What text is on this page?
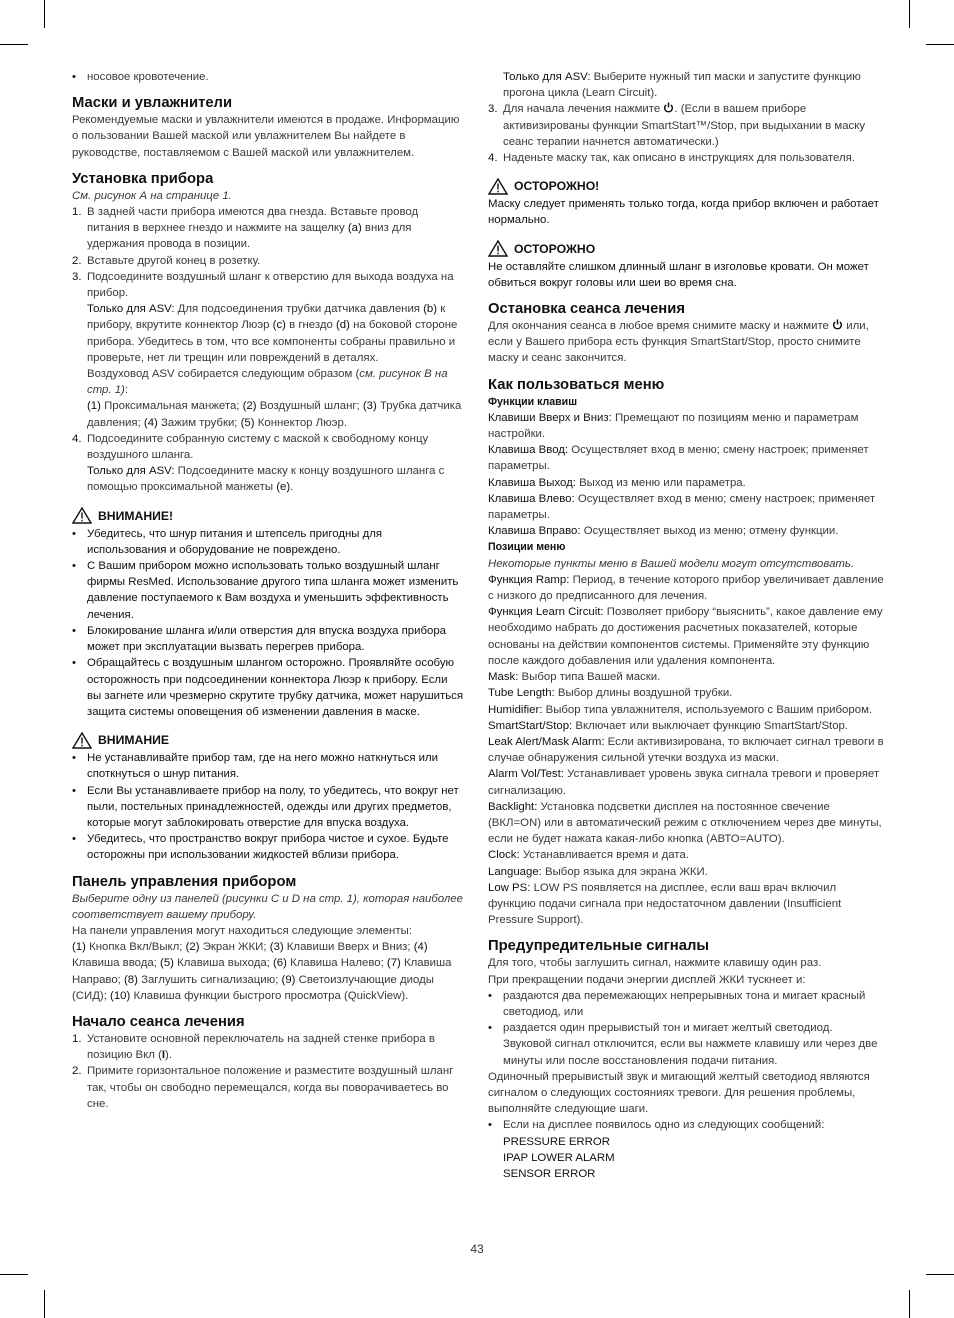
• носовое кровотечение.
Маски и увлажнители

Рекомендуемые маски и увлажнители имеются в продаже. Информацию о пользовании Вашей маской или увлажнителем Вы найдете в руководстве, поставляемом с Вашей маской или увлажнителем.

Установка прибора

См. рисунок А на странице 1.

1. В задней части прибора имеются два гнезда. Вставьте провод питания в верхнее гнездо и нажмите на защелку (a) вниз для удержания провода в позиции.
2. Вставьте другой конец в розетку.
3. Подсоедините воздушный шланг к отверстию для выхода воздуха на прибор.
Только для ASV: Для подсоединения трубки датчика давления (b) к прибору, вкрутите коннектор Люэр (c) в гнездо (d) на боковой стороне прибора. Убедитесь в том, что все компоненты собраны правильно и проверьте, нет ли трещин или повреждений в деталях.
Воздуховод ASV собирается следующим образом (см. рисунок B на стр. 1):
(1) Проксимальная манжета; (2) Воздушный шланг; (3) Трубка датчика давления; (4) Зажим трубки; (5) Коннектор Люэр.
4. Подсоедините собранную систему с маской к свободному концу воздушного шланга.
Только для ASV: Подсоедините маску к концу воздушного шланга с помощью проксимальной манжеты (e).
ВНИМАНИЕ!
• Убедитесь, что шнур питания и штепсель пригодны для использования и оборудование не повреждено.
• С Вашим прибором можно использовать только воздушный шланг фирмы ResMed. Использование другого типа шланга может изменить давление поступаемого к Вам воздуха и уменьшить эффективность лечения.
• Блокирование шланга и/или отверстия для впуска воздуха прибора может при эксплуатации вызвать перегрев прибора.
• Обращайтесь с воздушным шлангом осторожно. Проявляйте особую осторожность при подсоединении коннектора Люэр к прибору. Если вы загнете или чрезмерно скрутите трубку датчика, может нарушиться защита системы оповещения об изменении давления в маске.
ВНИМАНИЕ
• Не устанавливайте прибор там, где на него можно наткнуться или споткнуться о шнур питания.
• Если Вы устанавливаете прибор на полу, то убедитесь, что вокруг нет пыли, постельных принадлежностей, одежды или других предметов, которые могут заблокировать отверстие для впуска воздуха.
• Убедитесь, что пространство вокруг прибора чистое и сухое. Будьте осторожны при использовании жидкостей вблизи прибора.
Панель управления прибором

Выберите одну из панелей (рисунки C и D на стр. 1), которая наиболее соответствует вашему прибору.

На панели управления могут находиться следующие элементы:

(1) Кнопка Вкл/Выкл; (2) Экран ЖКИ; (3) Клавиши Вверх и Вниз; (4) Клавиша ввода; (5) Клавиша выхода; (6) Клавиша Налево; (7) Клавиша Направо; (8) Заглушить сигнализацию; (9) Светоизлучающие диоды (СИД); (10) Клавиша функции быстрого просмотра (QuickView).

Начало сеанса лечения
1. Установите основной переключатель на задней стенке прибора в позицию Вкл (I).
2. Примите горизонтальное положение и разместите воздушный шланг так, чтобы он свободно перемещался, когда вы поворачиваетесь во сне.

Только для ASV: Выберите нужный тип маски и запустите функцию прогона цикла (Learn Circuit).

3. Для начала лечения нажмите . (Если в вашем приборе активизированы функции SmartStart™/Stop, при выдыхании в маску сеанс терапии начнется автоматически.)
4. Наденьте маску так, как описано в инструкциях для пользователя.
ОСТОРОЖНО!

Маску следует применять только тогда, когда прибор включен и работает нормально.

ОСТОРОЖНО

Не оставляйте слишком длинный шланг в изголовье кровати. Он может обвиться вокруг головы или шеи во время сна.

Остановка сеанса лечения

Для окончания сеанса в любое время снимите маску и нажмите  или, если у Вашего прибора есть функция SmartStart/Stop, просто снимите маску и сеанс закончится.

Как пользоваться меню

Функции клавиш

Клавиши Вверх и Вниз: Премещают по позициям меню и параметрам настройки.

Клавиша Ввод: Осуществляет вход в меню; смену настроек; применяет параметры.

Клавиша Выход: Выход из меню или параметра.

Клавиша Влево: Осуществляет вход в меню; смену настроек; применяет параметры.

Клавиша Вправо: Осуществляет выход из меню; отмену функции.

Позиции меню

Некоторые пункты меню в Вашей модели могут отсутствовать.

Функция Ramp: Период, в течение которого прибор увеличивает давление с низкого до предписанного для лечения.

Функция Learn Circuit: Позволяет прибору “выяснить”, какое давление ему необходимо набрать до достижения расчетных показателей, которые основаны на действии компонентов системы. Применяйте эту функцию после каждого добавления или удаления компонента.

Mask: Выбор типа Вашей маски.

Tube Length: Выбор длины воздушной трубки.

Humidifier: Выбор типа увлажнителя, используемого с Вашим прибором.

SmartStart/Stop: Включает или выключает функцию SmartStart/Stop.

Leak Alert/Mask Alarm: Если активизирована, то включает сигнал тревоги в случае обнаружения сильной утечки воздуха из маски.

Alarm Vol/Test: Устанавливает уровень звука сигнала тревоги и проверяет сигнализацию.

Backlight: Установка подсветки дисплея на постоянное свечение (ВКЛ=ON) или в автоматический режим с отключением через две минуты, если не будет нажата какая-либо кнопка (АВТО=AUTO).

Clock: Устанавливается время и дата.

Language: Выбор языка для экрана ЖКИ.

Low PS: LOW PS появляется на дисплее, если ваш врач включил функцию подачи сигнала при недостаточном давлении (Insufficient Pressure Support).

Предупредительные сигналы

Для того, чтобы заглушить сигнал, нажмите клавишу один раз.

При прекращении подачи энергии дисплей ЖКИ тускнеет и:

• раздаются два перемежающих непрерывных тона и мигает красный светодиод, или
• раздается один прерывистый тон и мигает желтый светодиод. Звуковой сигнал отключится, если вы нажмете клавишу или через две минуты или после восстановления подачи питания.

Одиночный прерывистый звук и мигающий желтый светодиод являются сигналом о следующих состояниях тревоги. Для решения проблемы, выполняйте следующие шаги.

• Если на дисплее появилось одно из следующих сообщений:
PRESSURE ERROR
IPAP LOWER ALARM
SENSOR ERROR
43
